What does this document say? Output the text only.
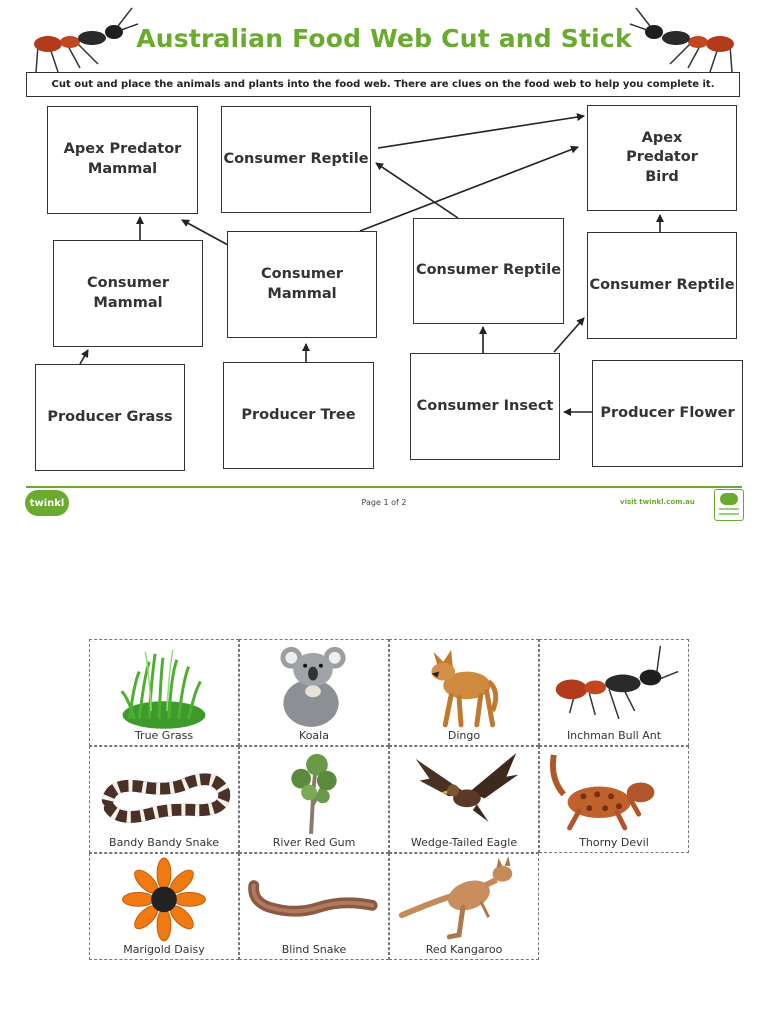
Australian Food Web Cut and Stick
Cut out and place the animals and plants into the food web. There are clues on the food web to help you complete it.
Apex Predator Mammal
Consumer Reptile
Apex Predator Bird
Consumer Mammal
Consumer Mammal
Consumer Reptile
Consumer Reptile
Producer Grass	Producer Tree
Consumer Insect	Producer Flower
twinkl	Page 1 of 2	visit twinkl.com.au
True Grass	Koala	Dingo	Inchman Bull Ant
Bandy Bandy Snake	River Red Gum	Wedge-Tailed Eagle	Thorny Devil
Marigold Daisy	Blind Snake	Red Kangaroo
